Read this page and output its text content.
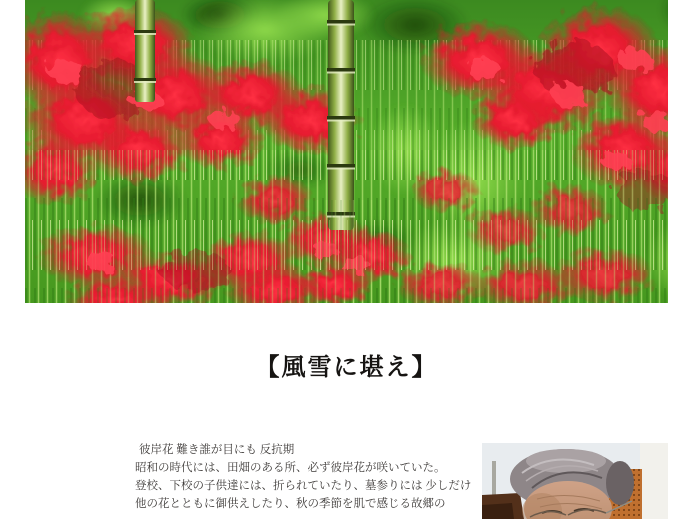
【風雪に堪え】
彼岸花 難き誰が目にも 反抗期
昭和の時代には、田畑のある所、必ず彼岸花が咲いていた。
登校、下校の子供達には、折られていたり、墓参りには 少しだけ
他の花とともに御供えしたり、秋の季節を肌で感じる故郷の
